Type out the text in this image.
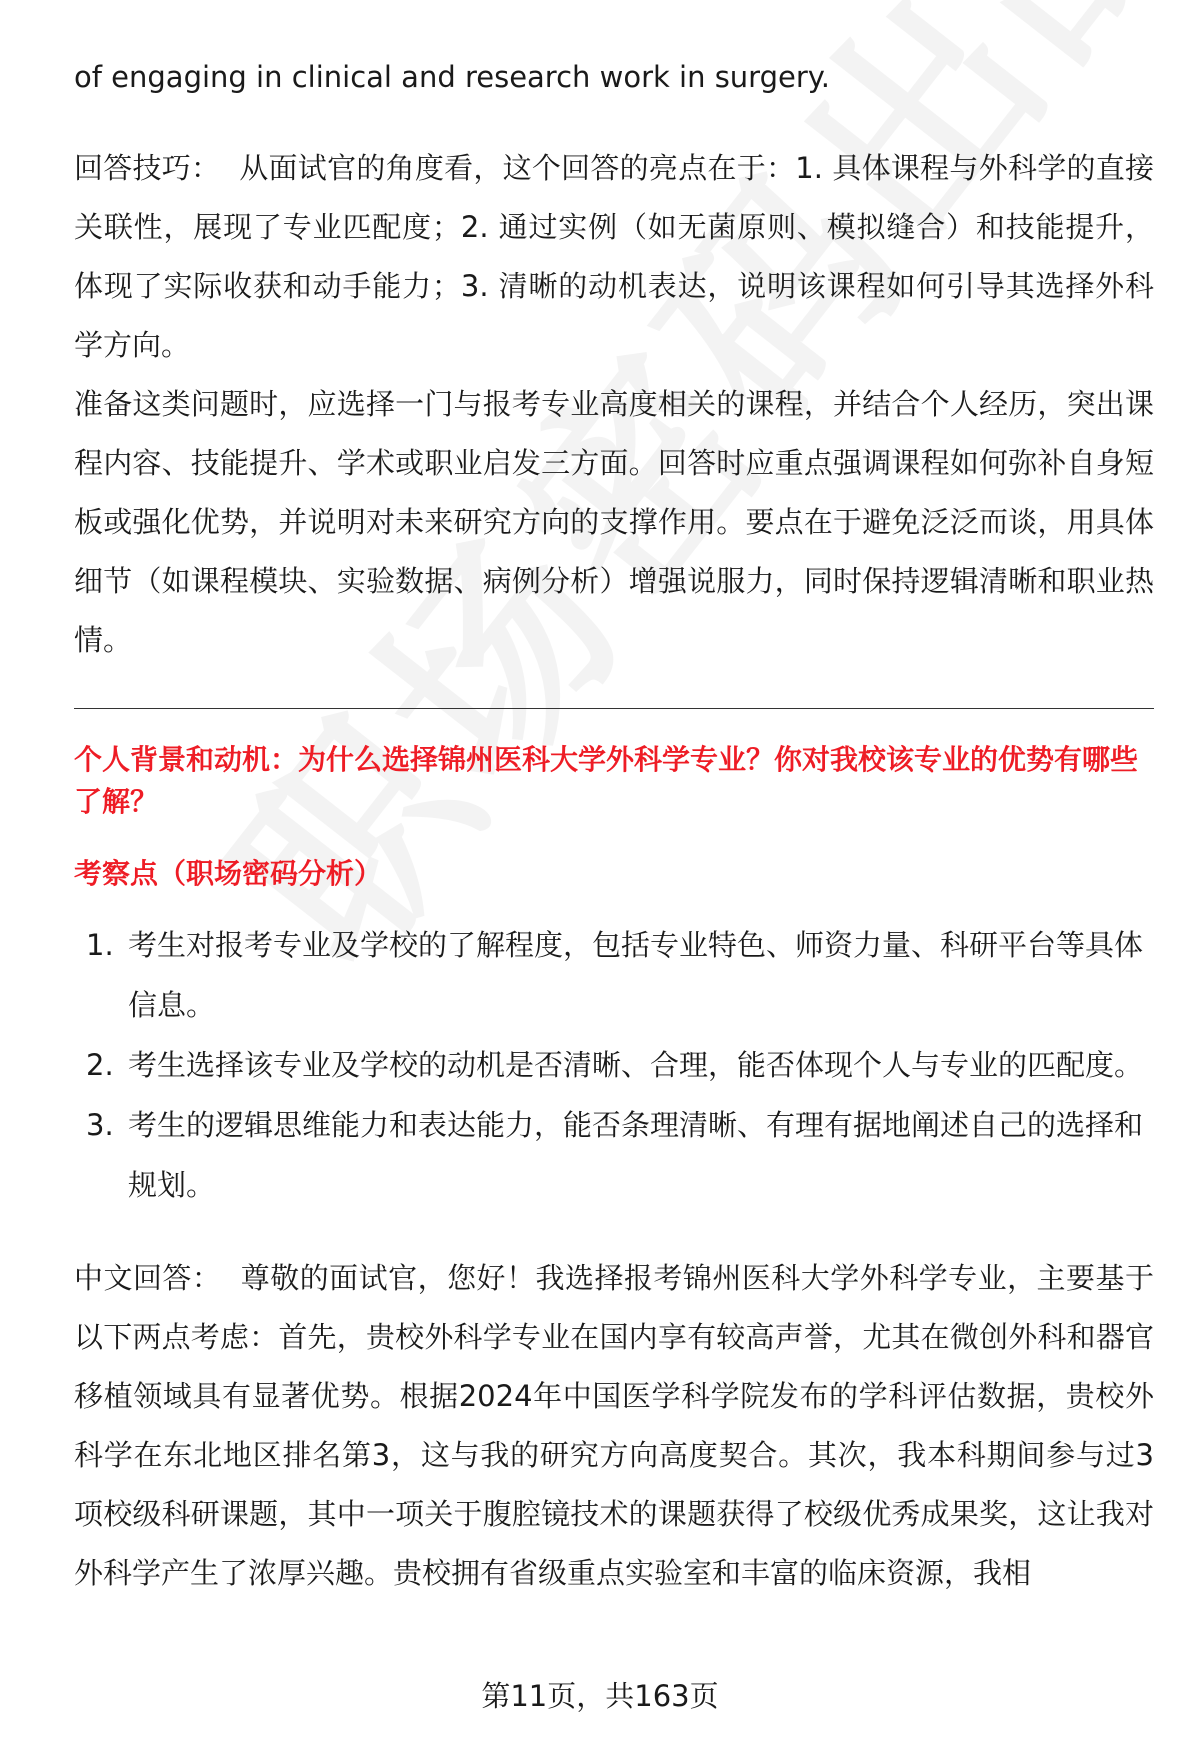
of engaging in clinical and research work in surgery.

回答技巧： 从面试官的角度看，这个回答的亮点在于：1. 具体课程与外科学的直接关联性，展现了专业匹配度；2. 通过实例（如无菌原则、模拟缝合）和技能提升，体现了实际收获和动手能力；3. 清晰的动机表达，说明该课程如何引导其选择外科学方向。

准备这类问题时，应选择一门与报考专业高度相关的课程，并结合个人经历，突出课程内容、技能提升、学术或职业启发三方面。回答时应重点强调课程如何弥补自身短板或强化优势，并说明对未来研究方向的支撑作用。要点在于避免泛泛而谈，用具体细节（如课程模块、实验数据、病例分析）增强说服力，同时保持逻辑清晰和职业热情。

个人背景和动机：为什么选择锦州医科大学外科学专业？你对我校该专业的优势有哪些了解？

考察点（职场密码分析）

1. 考生对报考专业及学校的了解程度，包括专业特色、师资力量、科研平台等具体信息。
2. 考生选择该专业及学校的动机是否清晰、合理，能否体现个人与专业的匹配度。
3. 考生的逻辑思维能力和表达能力，能否条理清晰、有理有据地阐述自己的选择和规划。

中文回答： 尊敬的面试官，您好！我选择报考锦州医科大学外科学专业，主要基于以下两点考虑：首先，贵校外科学专业在国内享有较高声誉，尤其在微创外科和器官移植领域具有显著优势。根据2024年中国医学科学院发布的学科评估数据，贵校外科学在东北地区排名第3，这与我的研究方向高度契合。其次，我本科期间参与过3项校级科研课题，其中一项关于腹腔镜技术的课题获得了校级优秀成果奖，这让我对外科学产生了浓厚兴趣。贵校拥有省级重点实验室和丰富的临床资源，我相

第11页，共163页
